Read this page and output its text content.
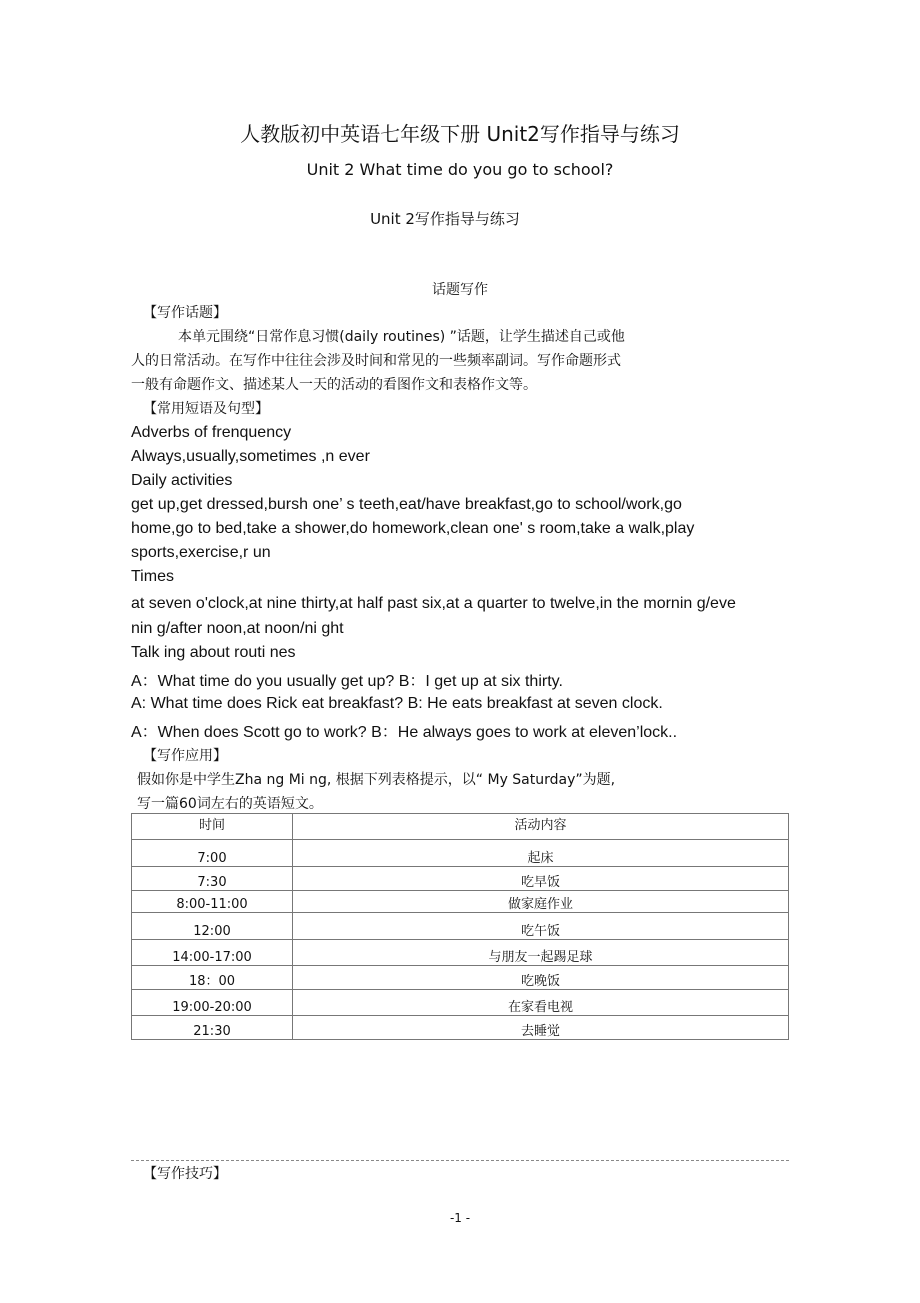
人教版初中英语七年级下册 Unit2写作指导与练习
Unit 2 What time do you go to school?
Unit 2写作指导与练习
话题写作
【写作话题】
本单元围绕“日常作息习惯(daily routines) ”话题，让学生描述自己或他
人的日常活动。在写作中往往会涉及时间和常见的一些频率副词。写作命题形式
一般有命题作文、描述某人一天的活动的看图作文和表格作文等。
【常用短语及句型】
Adverbs of frenquency
Always,usually,sometimes ,n ever
Daily activities
get up,get dressed,bursh one’ s teeth,eat/have breakfast,go to school/work,go
home,go to bed,take a shower,do homework,clean one' s room,take a walk,play
sports,exercise,r un
Times
at seven o'clock,at nine thirty,at half past six,at a quarter to twelve,in the mornin g/eve
nin g/after noon,at noon/ni ght
Talk ing about routi nes
A：What time do you usually get up? B：I get up at six thirty.
A: What time does Rick eat breakfast? B: He eats breakfast at seven clock.
A：When does Scott go to work? B：He always goes to work at eleven’lock..
【写作应用】
假如你是中学生Zha ng Mi ng, 根据下列表格提示，以“ My Saturday”为题,
写一篇60词左右的英语短文。
时间	活动内容
7:00	起床
7:30	吃早饭
8:00-11:00	做家庭作业
12:00	吃午饭
14:00-17:00	与朋友一起踢足球
18：00	吃晚饭
19:00-20:00	在家看电视
21:30	去睡觉
【写作技巧】
-1 -
